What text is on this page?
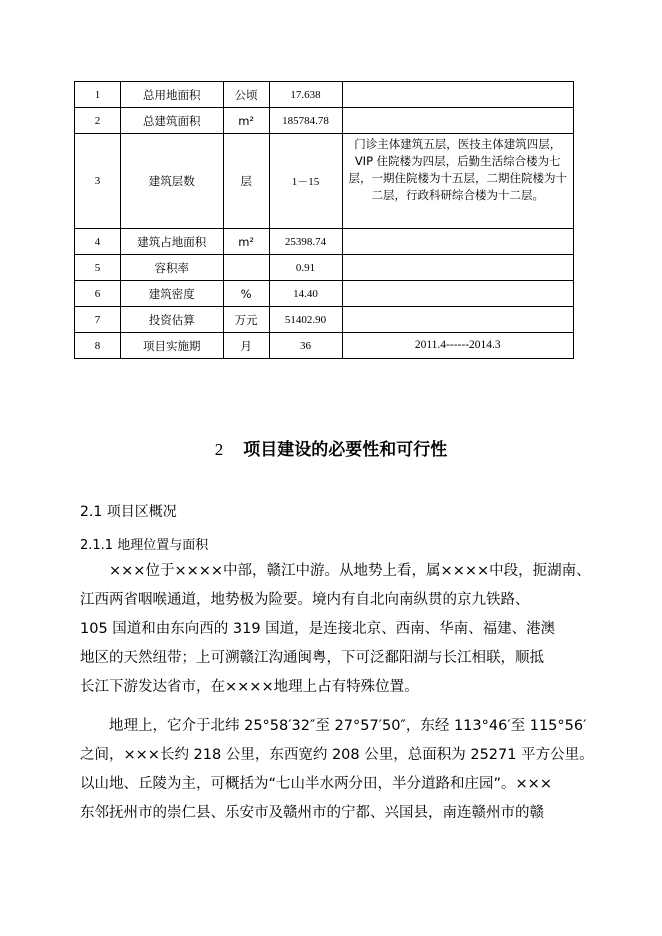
1	总用地面积	公顷	17.638	
2	总建筑面积	m²	185784.78	
3	建筑层数	层	1－15	门诊主体建筑五层，医技主体建筑四层，VIP 住院楼为四层，后勤生活综合楼为七层，一期住院楼为十五层，二期住院楼为十二层，行政科研综合楼为十二层。
4	建筑占地面积	m²	25398.74	
5	容积率		0.91	
6	建筑密度	%	14.40	
7	投资估算	万元	51402.90	
8	项目实施期	月	36	2011.4------2014.3
2 项目建设的必要性和可行性
2.1 项目区概况
2.1.1 地理位置与面积
×××位于××××中部，赣江中游。从地势上看，属××××中段，扼湖南、
江西两省咽喉通道，地势极为险要。境内有自北向南纵贯的京九铁路、
105 国道和由东向西的 319 国道，是连接北京、西南、华南、福建、港澳
地区的天然纽带；上可溯赣江沟通闽粤，下可泛鄱阳湖与长江相联，顺抵
长江下游发达省市，在××××地理上占有特殊位置。
地理上，它介于北纬 25°58′32″至 27°57′50″，东经 113°46′至 115°56′
之间，×××长约 218 公里，东西宽约 208 公里，总面积为 25271 平方公里。
以山地、丘陵为主，可概括为“七山半水两分田，半分道路和庄园”。×××
东邻抚州市的崇仁县、乐安市及赣州市的宁都、兴国县，南连赣州市的赣
